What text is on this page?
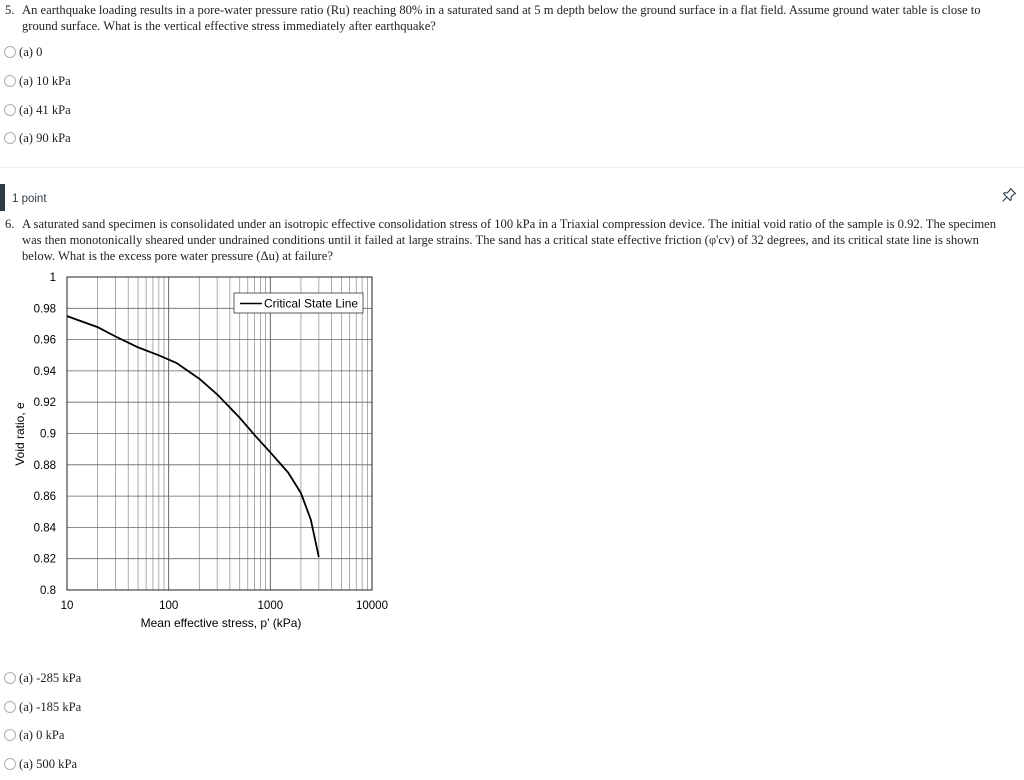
5. An earthquake loading results in a pore-water pressure ratio (Ru) reaching 80% in a saturated sand at 5 m depth below the ground surface in a flat field. Assume ground water table is close to ground surface. What is the vertical effective stress immediately after earthquake?
(a) 0
(a) 10 kPa
(a) 41 kPa
(a) 90 kPa
1 point
6. A saturated sand specimen is consolidated under an isotropic effective consolidation stress of 100 kPa in a Triaxial compression device. The initial void ratio of the sample is 0.92. The specimen was then monotonically sheared under undrained conditions until it failed at large strains. The sand has a critical state effective friction (φ'cv) of 32 degrees, and its critical state line is shown below. What is the excess pore water pressure (Δu) at failure?
0.8
0.82
0.84
0.86
0.88
0.9
0.92
0.94
0.96
0.98
1
10	100	1000	10000
Mean effective stress, p' (kPa)
Void ratio, e
Critical State Line
(a) -285 kPa
(a) -185 kPa
(a) 0 kPa
(a) 500 kPa
